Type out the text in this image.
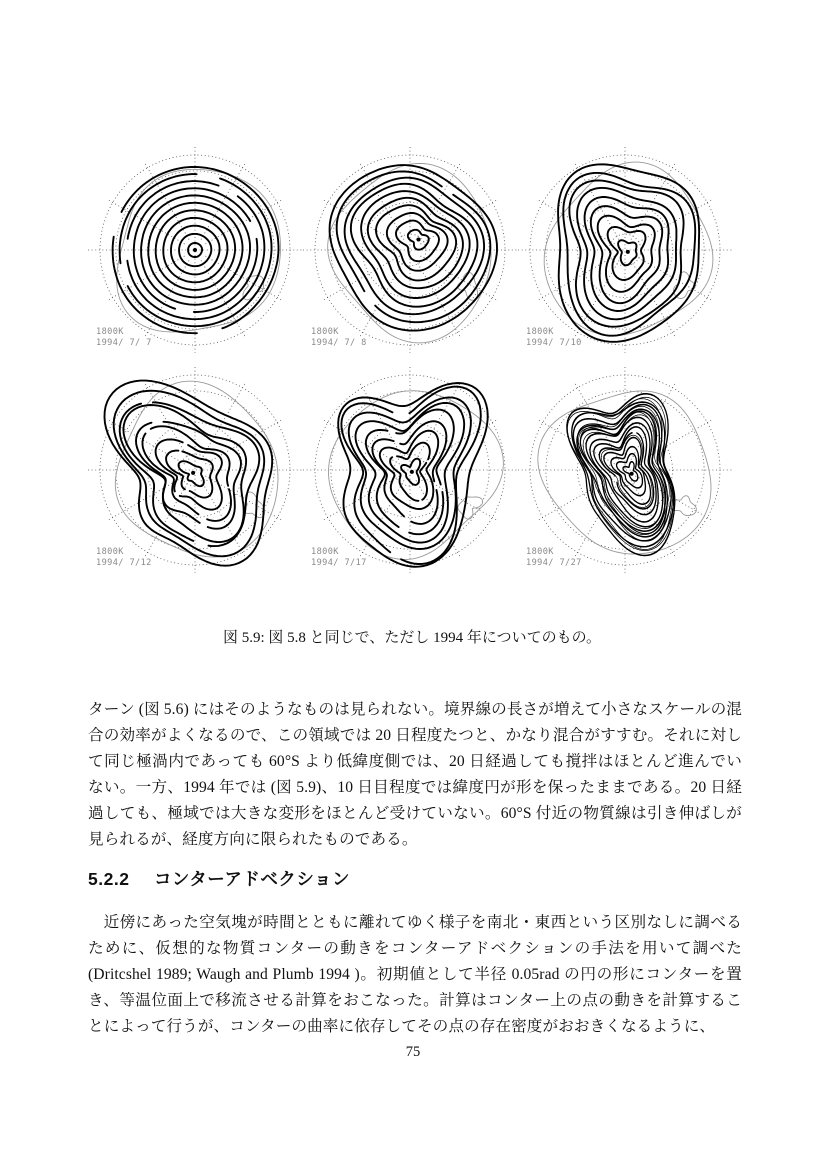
1800K
1994/ 7/ 7
1800K
1994/ 7/ 8
1800K
1994/ 7/10
1800K
1994/ 7/12
1800K
1994/ 7/17
1800K
1994/ 7/27
図 5.9: 図 5.8 と同じで、ただし 1994 年についてのもの。

ターン (図 5.6) にはそのようなものは見られない。境界線の長さが増えて小さなスケールの混合の効率がよくなるので、この領域では 20 日程度たつと、かなり混合がすすむ。それに対して同じ極渦内であっても 60°S より低緯度側では、20 日経過しても撹拌はほとんど進んでいない。一方、1994 年では (図 5.9)、10 日目程度では緯度円が形を保ったままである。20 日経過しても、極域では大きな変形をほとんど受けていない。60°S 付近の物質線は引き伸ばしが見られるが、経度方向に限られたものである。

5.2.2 コンターアドベクション

近傍にあった空気塊が時間とともに離れてゆく様子を南北・東西という区別なしに調べるために、仮想的な物質コンターの動きをコンターアドベクションの手法を用いて調べた (Dritcshel 1989; Waugh and Plumb 1994 )。初期値として半径 0.05rad の円の形にコンターを置き、等温位面上で移流させる計算をおこなった。計算はコンター上の点の動きを計算することによって行うが、コンターの曲率に依存してその点の存在密度がおおきくなるように、

75
